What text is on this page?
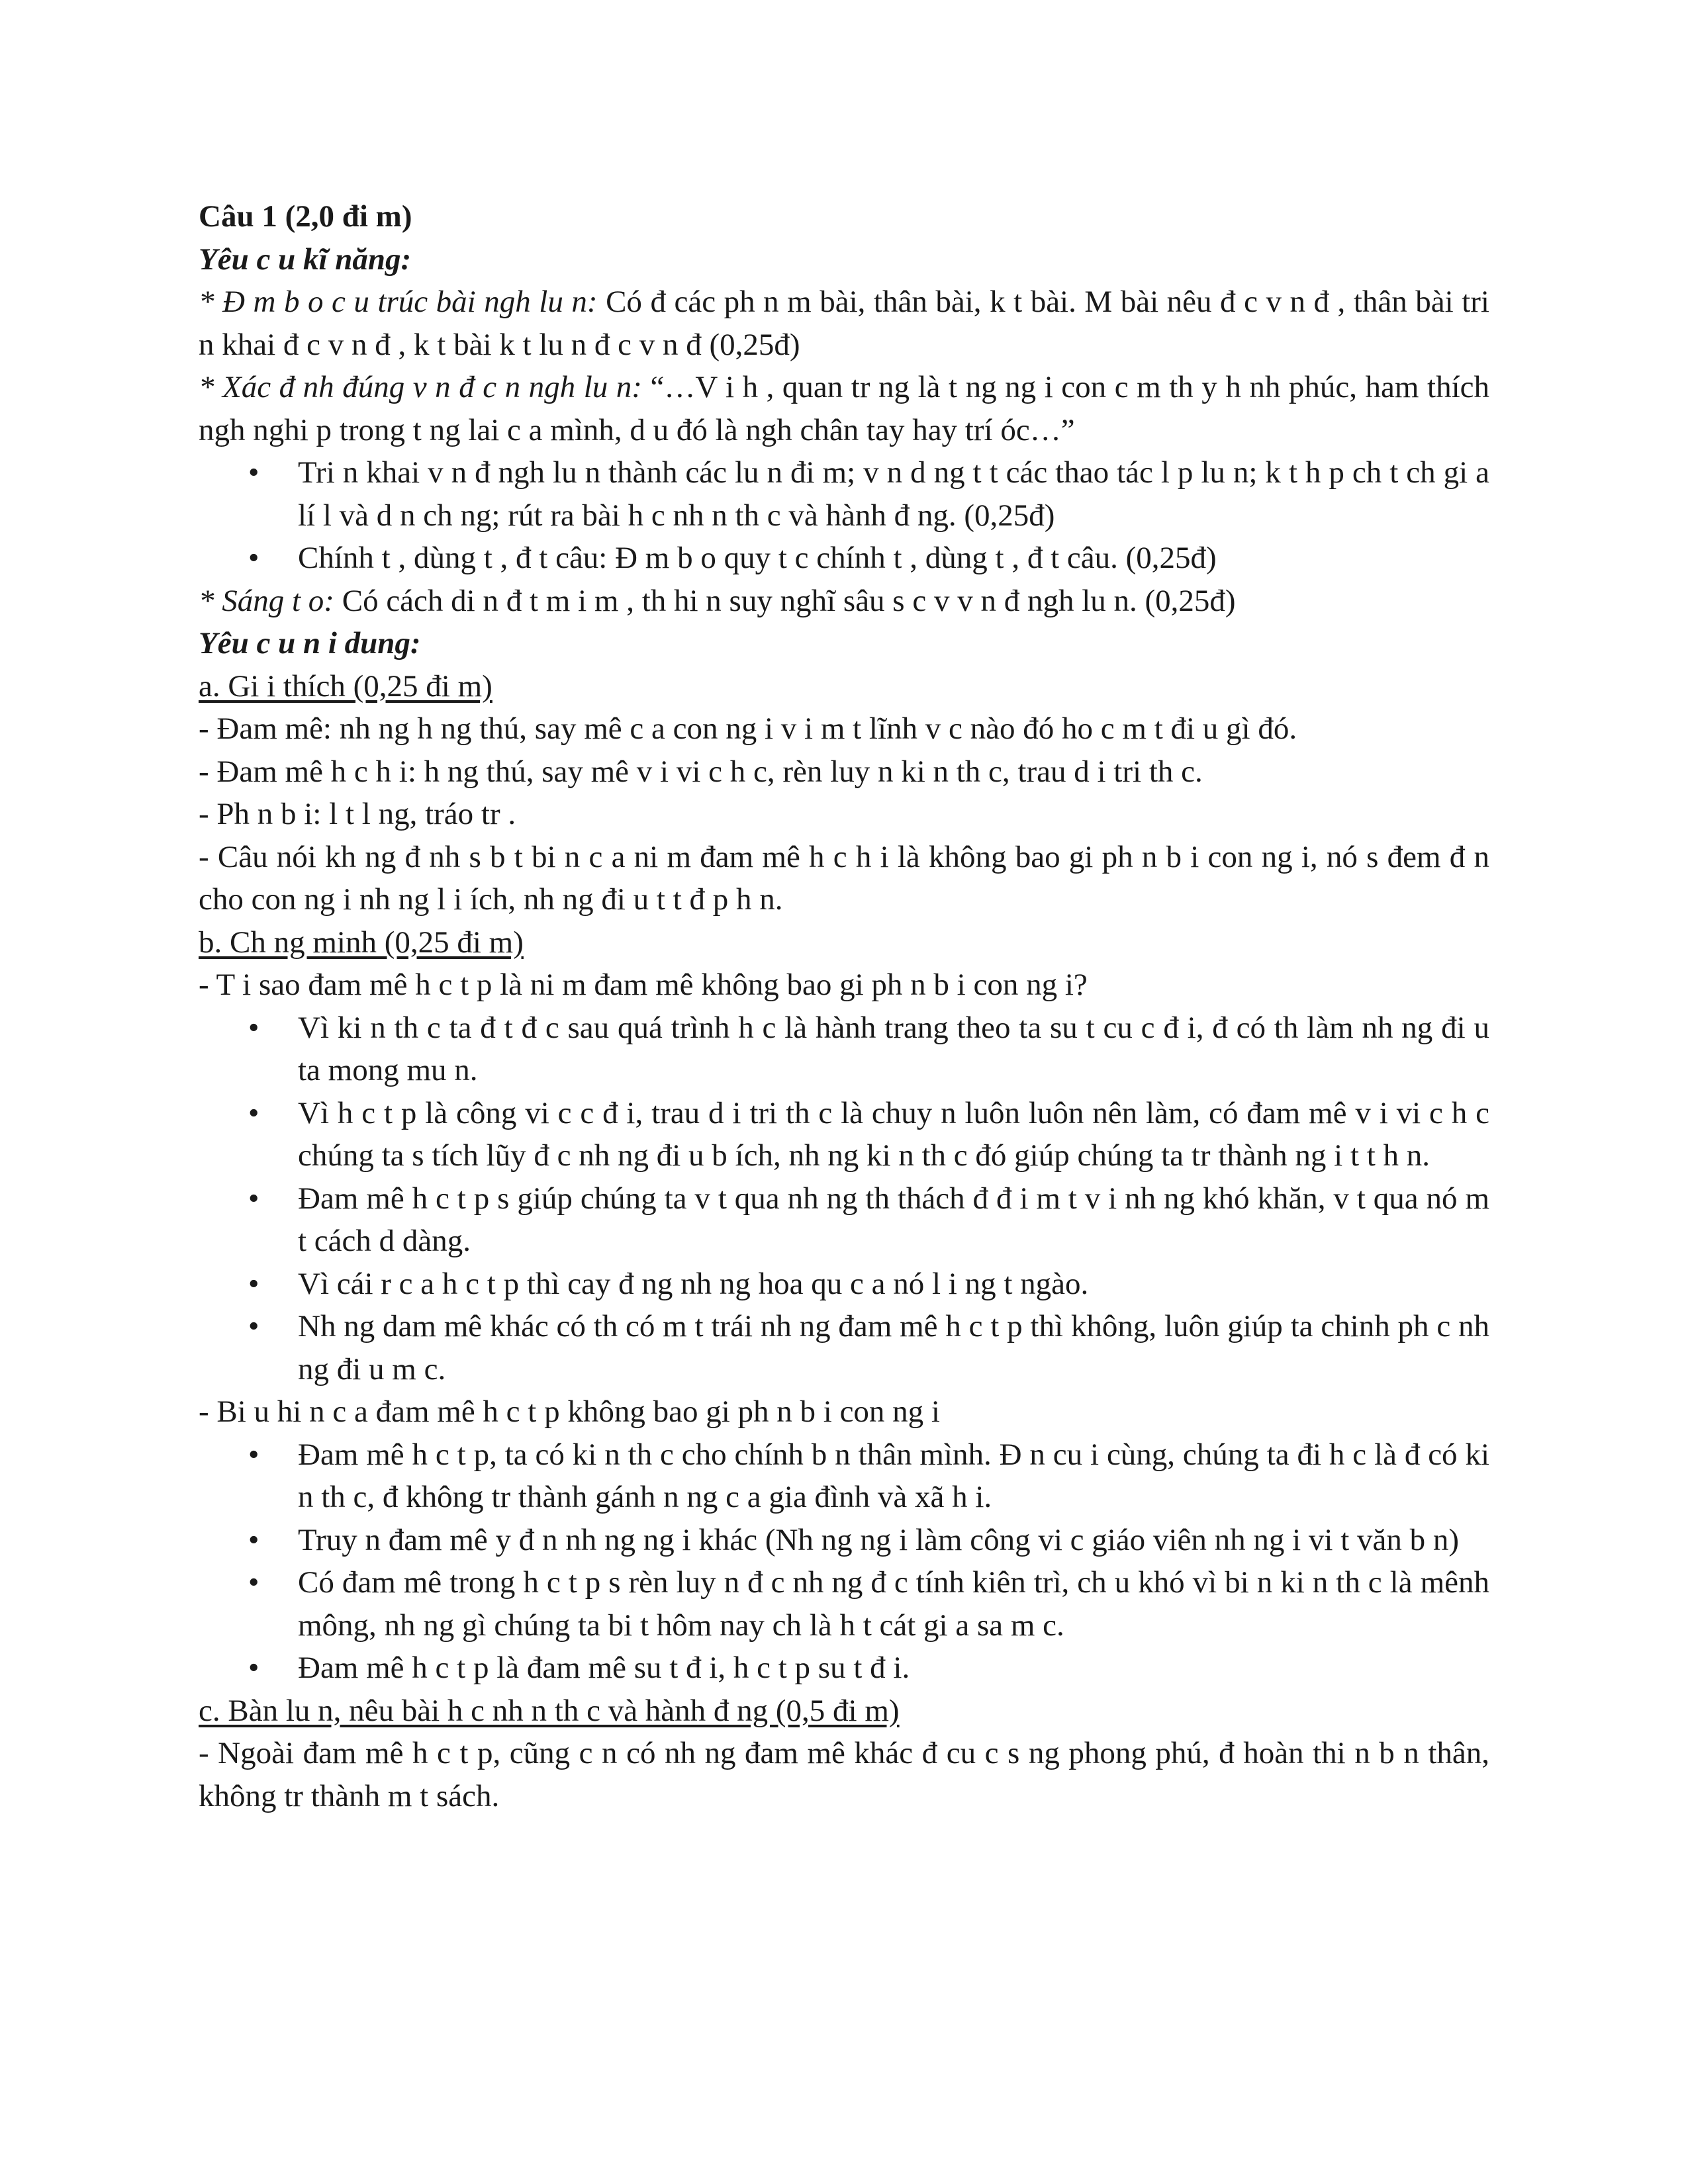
Câu 1 (2,0 đi m)

Yêu c u kĩ năng:

* Đ m b o c u trúc bài ngh lu n: Có đ các ph n m bài, thân bài, k t bài. M bài nêu đ c v n đ , thân bài tri n khai đ c v n đ , k t bài k t lu n đ c v n đ (0,25đ)

* Xác đ nh đúng v n đ c n ngh lu n: “…V i h , quan tr ng là t ng ng i con c m th y h nh phúc, ham thích ngh nghi p trong t ng lai c a mình, d u đó là ngh chân tay hay trí óc…”

• Tri n khai v n đ ngh lu n thành các lu n đi m; v n d ng t t các thao tác l p lu n; k t h p ch t ch gi a lí l và d n ch ng; rút ra bài h c nh n th c và hành đ ng. (0,25đ)
• Chính t , dùng t , đ t câu: Đ m b o quy t c chính t , dùng t , đ t câu. (0,25đ)

* Sáng t o: Có cách di n đ t m i m , th hi n suy nghĩ sâu s c v v n đ ngh lu n. (0,25đ)

Yêu c u n i dung:

a. Gi i thích (0,25 đi m)

- Đam mê: nh ng h ng thú, say mê c a con ng i v i m t lĩnh v c nào đó ho c m t đi u gì đó.

- Đam mê h c h i: h ng thú, say mê v i vi c h c, rèn luy n ki n th c, trau d i tri th c.

- Ph n b i: l t l ng, tráo tr .

- Câu nói kh ng đ nh s b t bi n c a ni m đam mê h c h i là không bao gi ph n b i con ng i, nó s đem đ n cho con ng i nh ng l i ích, nh ng đi u t t đ p h n.

b. Ch ng minh (0,25 đi m)

- T i sao đam mê h c t p là ni m đam mê không bao gi ph n b i con ng i?

• Vì ki n th c ta đ t đ c sau quá trình h c là hành trang theo ta su t cu c đ i, đ có th làm nh ng đi u ta mong mu n.
• Vì h c t p là công vi c c đ i, trau d i tri th c là chuy n luôn luôn nên làm, có đam mê v i vi c h c chúng ta s tích lũy đ c nh ng đi u b ích, nh ng ki n th c đó giúp chúng ta tr thành ng i t t h n.
• Đam mê h c t p s giúp chúng ta v t qua nh ng th thách đ đ i m t v i nh ng khó khăn, v t qua nó m t cách d dàng.
• Vì cái r c a h c t p thì cay đ ng nh ng hoa qu c a nó l i ng t ngào.
• Nh ng dam mê khác có th có m t trái nh ng đam mê h c t p thì không, luôn giúp ta chinh ph c nh ng đi u m c.

- Bi u hi n c a đam mê h c t p không bao gi ph n b i con ng i

• Đam mê h c t p, ta có ki n th c cho chính b n thân mình. Đ n cu i cùng, chúng ta đi h c là đ có ki n th c, đ không tr thành gánh n ng c a gia đình và xã h i.
• Truy n đam mê y đ n nh ng ng i khác (Nh ng ng i làm công vi c giáo viên nh ng i vi t văn b n)
• Có đam mê trong h c t p s rèn luy n đ c nh ng đ c tính kiên trì, ch u khó vì bi n ki n th c là mênh mông, nh ng gì chúng ta bi t hôm nay ch là h t cát gi a sa m c.
• Đam mê h c t p là đam mê su t đ i, h c t p su t đ i.

c. Bàn lu n, nêu bài h c nh n th c và hành đ ng (0,5 đi m)

- Ngoài đam mê h c t p, cũng c n có nh ng đam mê khác đ cu c s ng phong phú, đ hoàn thi n b n thân, không tr thành m t sách.
